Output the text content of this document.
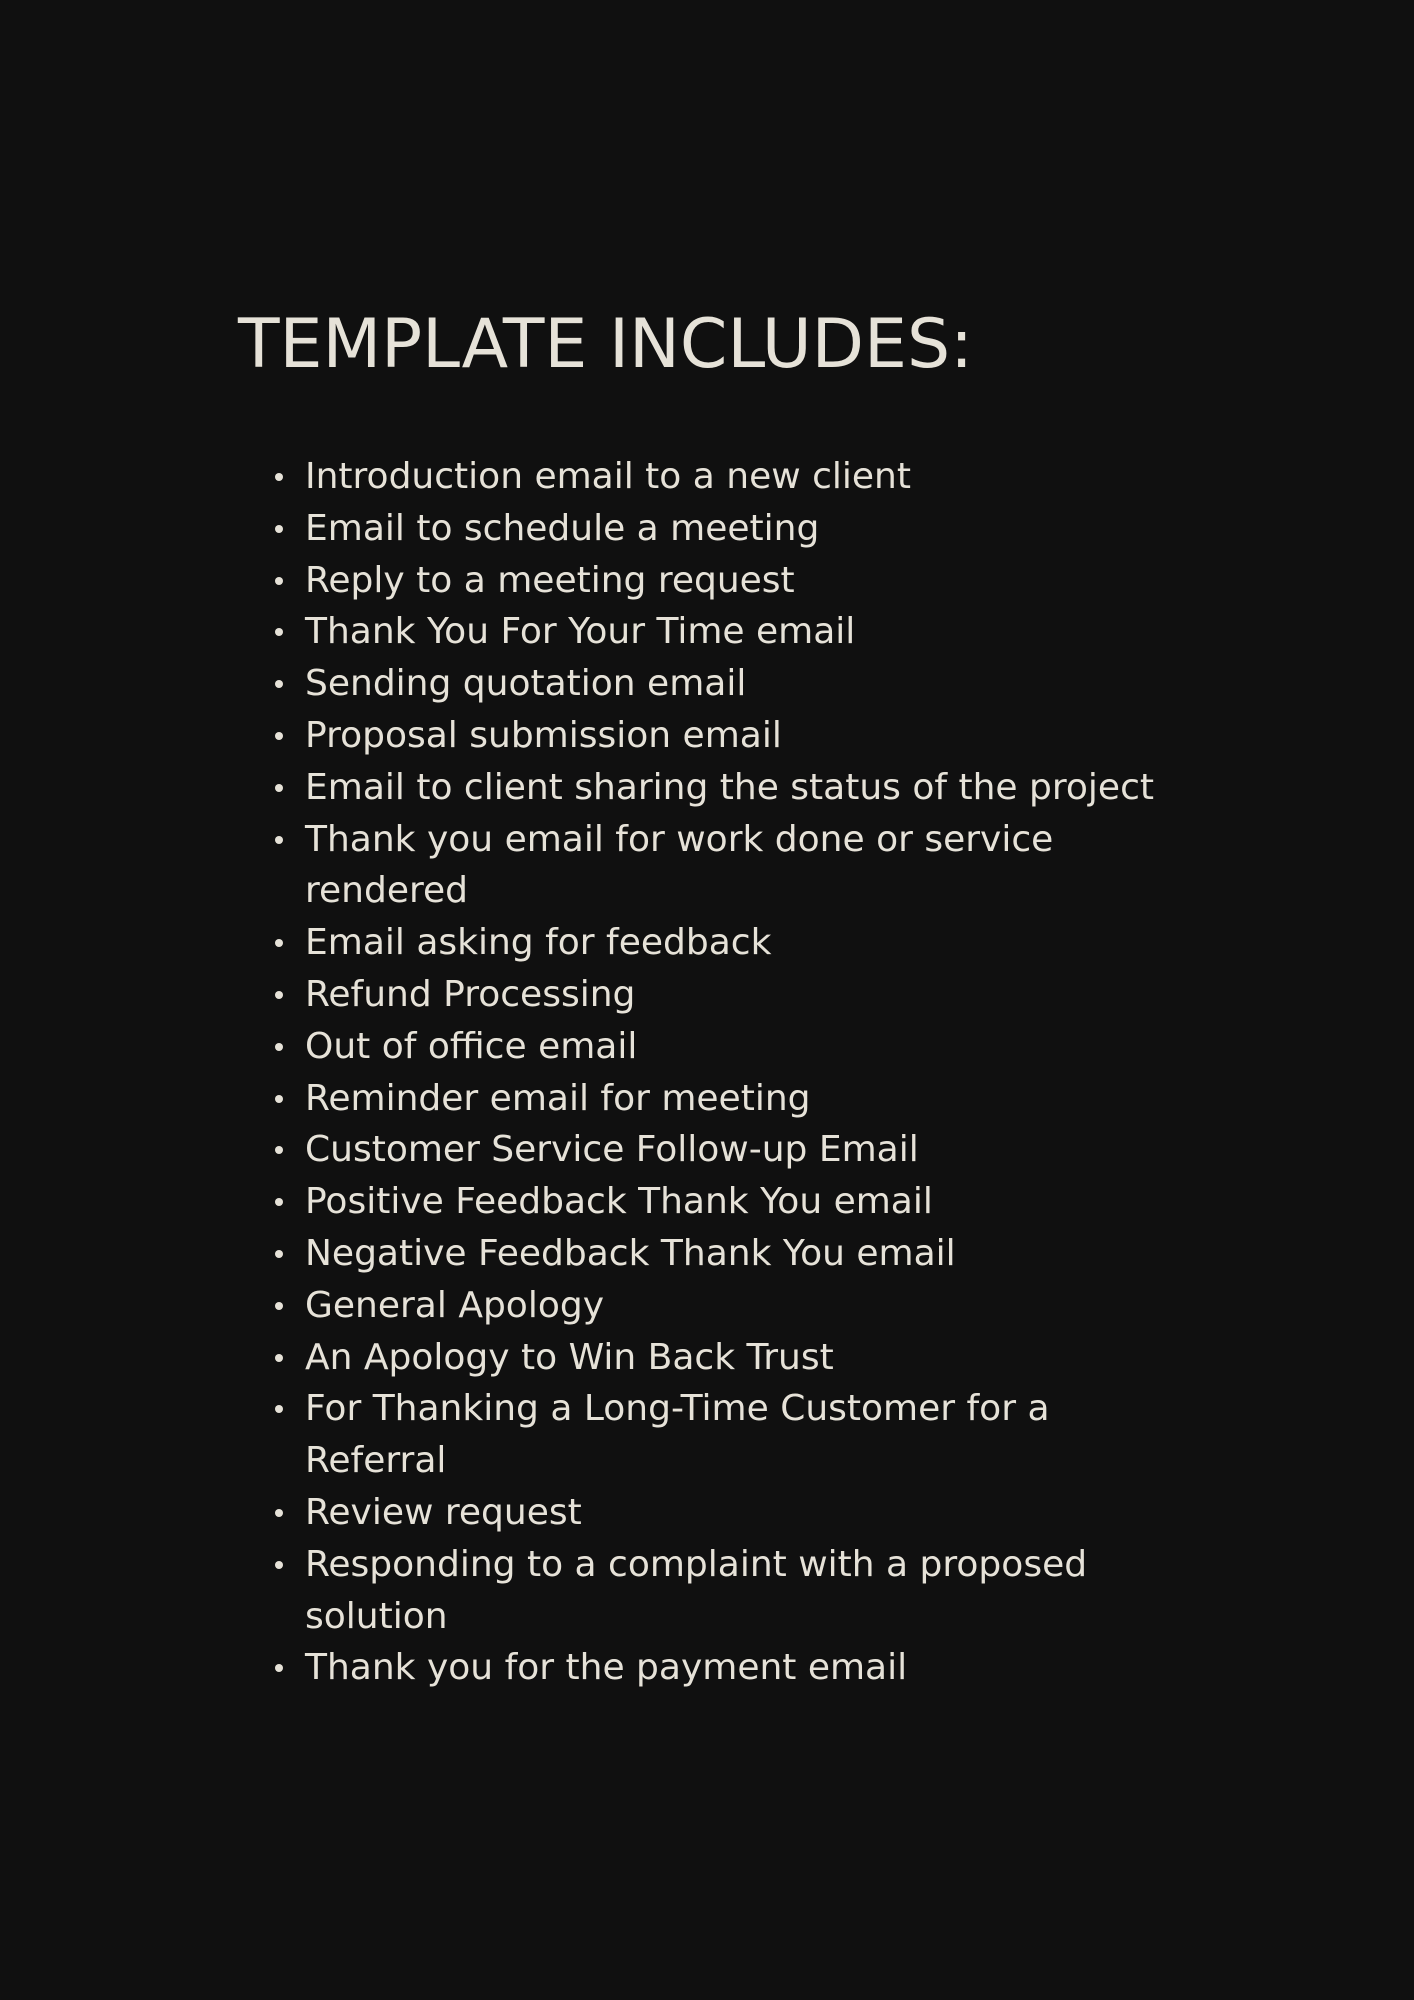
TEMPLATE INCLUDES:
Introduction email to a new client
Email to schedule a meeting
Reply to a meeting request
Thank You For Your Time email
Sending quotation email
Proposal submission email
Email to client sharing the status of the project
Thank you email for work done or service rendered
Email asking for feedback
Refund Processing
Out of office email
Reminder email for meeting
Customer Service Follow-up Email
Positive Feedback Thank You email
Negative Feedback Thank You email
General Apology
An Apology to Win Back Trust
For Thanking a Long-Time Customer for a Referral
Review request
Responding to a complaint with a proposed solution
Thank you for the payment email
